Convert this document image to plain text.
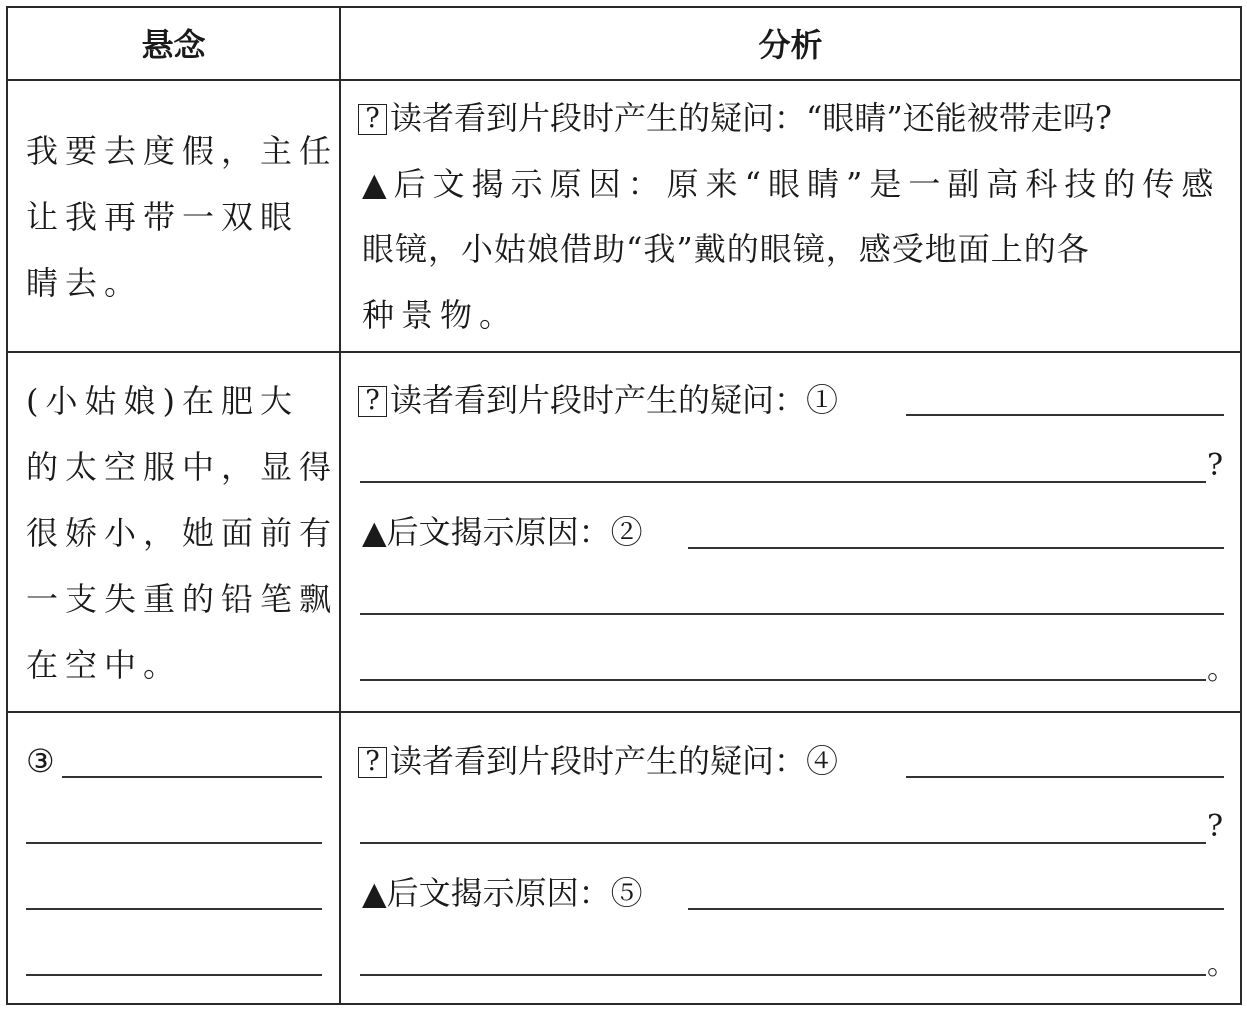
悬念	分析
我要去度假，主任
让我再带一双眼
睛去。
? 读者看到片段时产生的疑问：“眼睛”还能被带走吗?
▲后文揭示原因：原来“眼睛”是一副高科技的传感
眼镜，小姑娘借助“我”戴的眼镜，感受地面上的各
种景物。
(小姑娘)在肥大
的太空服中，显得
很娇小，她面前有
一支失重的铅笔飘
在空中。
? 读者看到片段时产生的疑问：①
?
▲后文揭示原因：②
。
③	? 读者看到片段时产生的疑问：④
?
▲后文揭示原因：⑤
。
